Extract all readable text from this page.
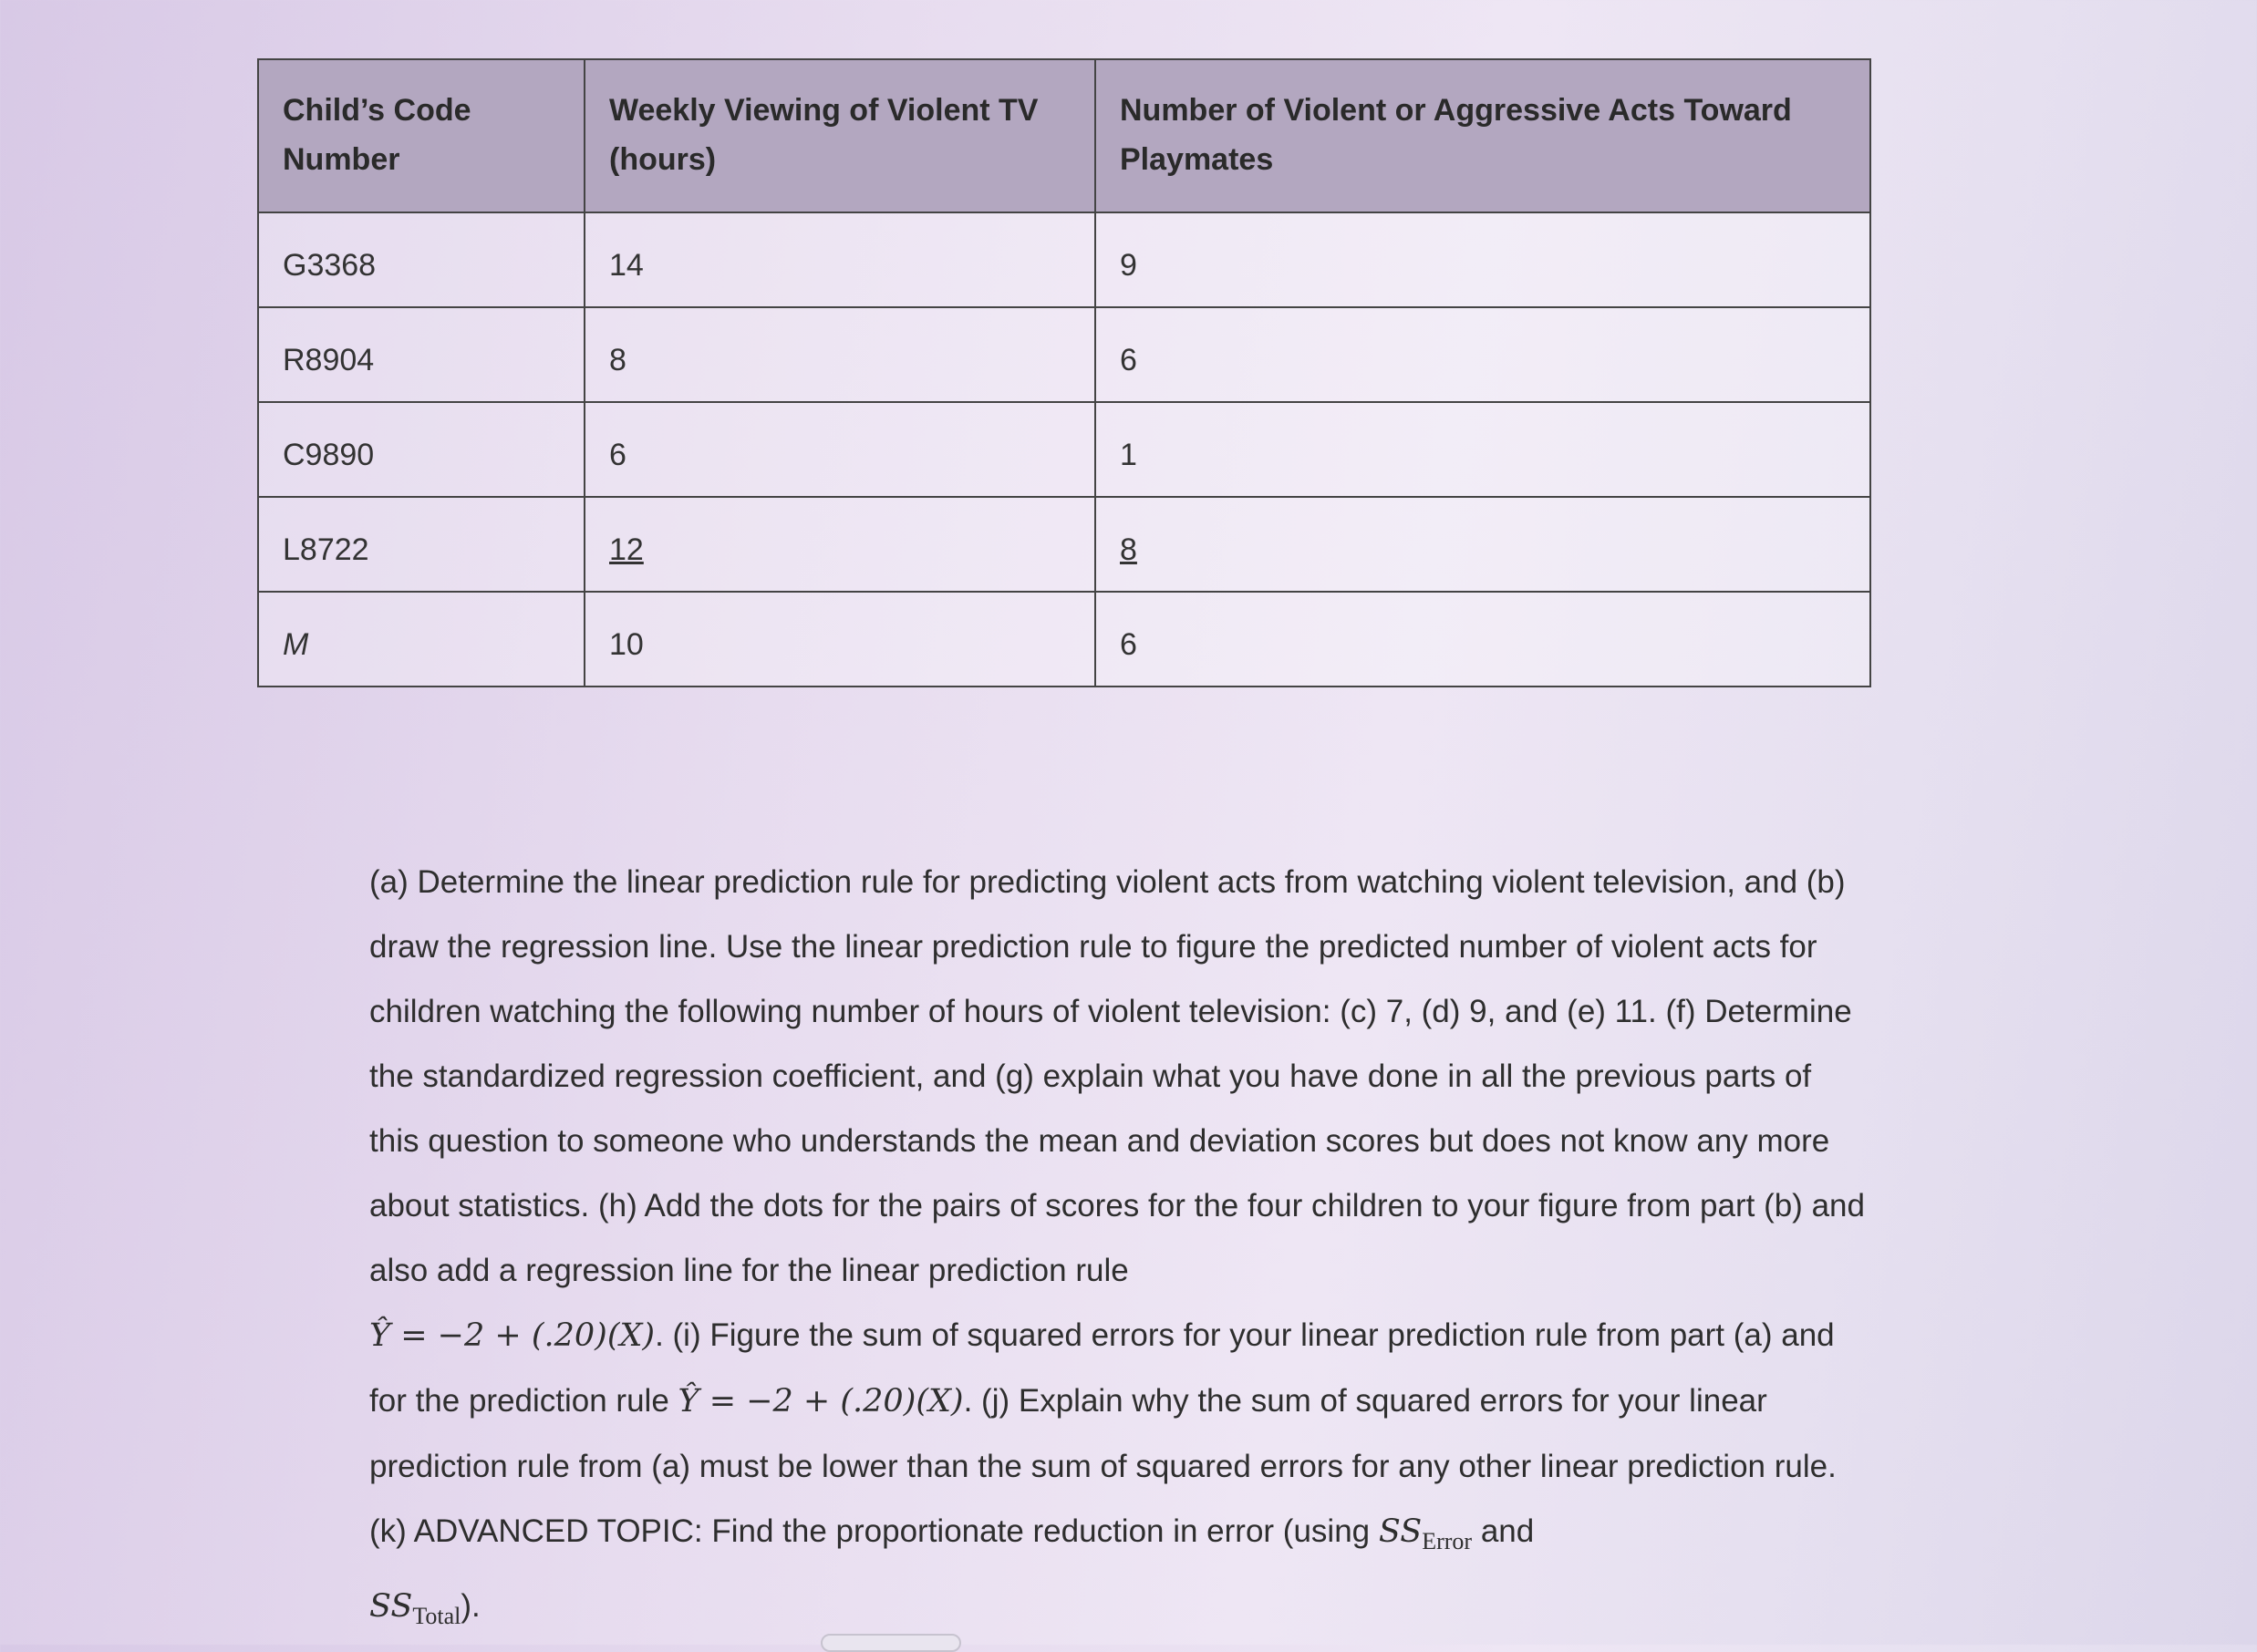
Child’s Code Number	Weekly Viewing of Violent TV (hours)	Number of Violent or Aggressive Acts Toward Playmates
G3368	14	9
R8904	8	6
C9890	6	1
L8722	12	8
M	10	6

(a) Determine the linear prediction rule for predicting violent acts from watching violent television, and (b) draw the regression line. Use the linear prediction rule to figure the predicted number of violent acts for children watching the following number of hours of violent television: (c) 7, (d) 9, and (e) 11. (f) Determine the standardized regression coefficient, and (g) explain what you have done in all the previous parts of this question to someone who understands the mean and deviation scores but does not know any more about statistics. (h) Add the dots for the pairs of scores for the four children to your figure from part (b) and also add a regression line for the linear prediction rule
Ŷ = −2 + (.20)(X). (i) Figure the sum of squared errors for your linear prediction rule from part (a) and for the prediction rule Ŷ = −2 + (.20)(X). (j) Explain why the sum of squared errors for your linear prediction rule from (a) must be lower than the sum of squared errors for any other linear prediction rule. (k) ADVANCED TOPIC: Find the proportionate reduction in error (using $SS_{Error}$ and
$SS_{Total}$).
